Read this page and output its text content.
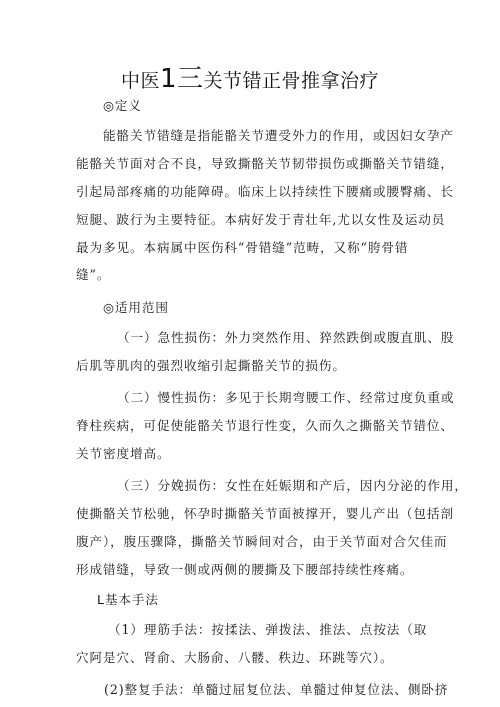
中医1三关节错正骨推拿治疗
◎定义
能骼关节错缝是指能骼关节遭受外力的作用，或因妇女孕产
能骼关节面对合不良，导致撕骼关节韧带损伤或撕骼关节错缝，
引起局部疼痛的功能障碍。临床上以持续性下腰痛或腰臀痛、长
短腿、跛行为主要特征。本病好发于青壮年,尤以女性及运动员
最为多见。本病属中医伤科“骨错缝”范畴，又称“胯骨错
缝”。
◎适用范围
（一）急性损伤：外力突然作用、猝然跌倒或腹直肌、股
后肌等肌肉的强烈收缩引起撕骼关节的损伤。
（二）慢性损伤：多见于长期弯腰工作、经常过度负重或
脊柱疾病，可促使能骼关节退行性变，久而久之撕骼关节错位、
关节密度增高。
（三）分娩损伤：女性在妊娠期和产后，因内分泌的作用，
使撕骼关节松驰，怀孕时撕骼关节面被撑开，婴儿产出（包括剖
腹产），腹压骤降，撕骼关节瞬间对合，由于关节面对合欠佳而
形成错缝，导致一侧或两侧的腰撕及下腰部持续性疼痛。
L基本手法
（1）理筋手法：按揉法、弹拨法、推法、点按法（取
穴阿是穴、肾俞、大肠俞、八髅、秩边、环跳等穴）。
(2)整复手法：单髓过屈复位法、单髓过伸复位法、侧卧挤
